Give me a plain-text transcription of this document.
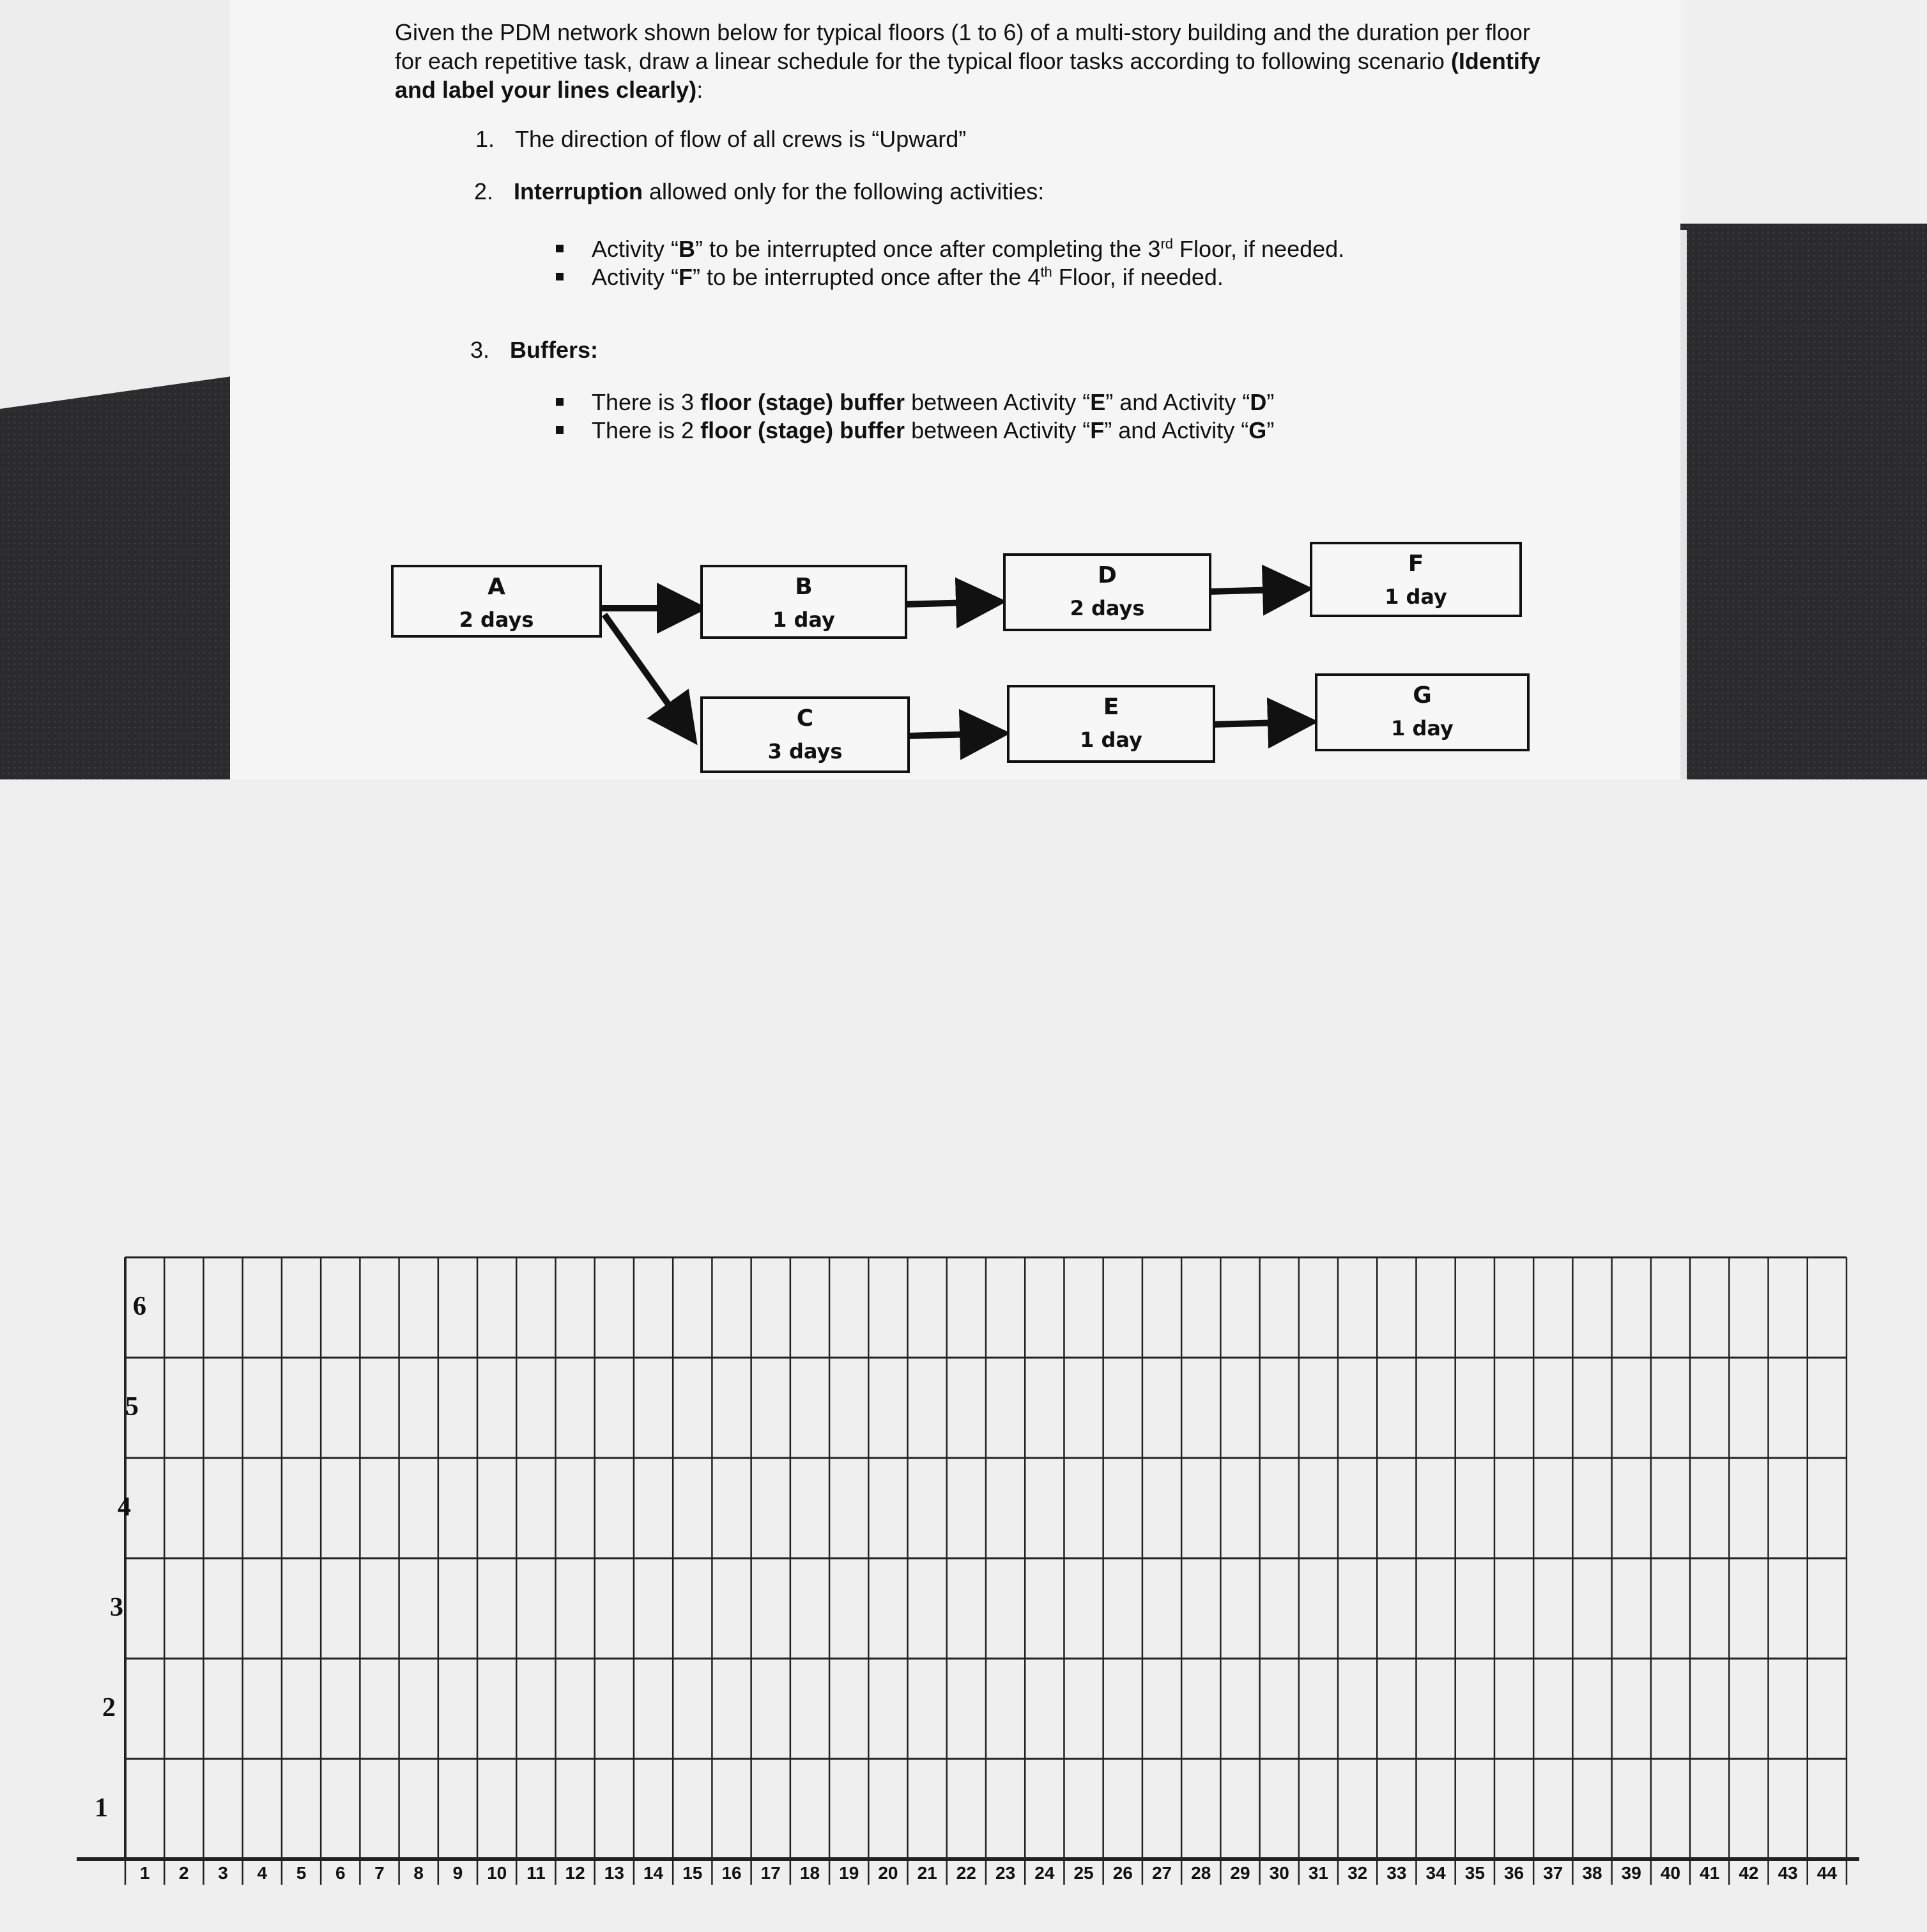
Given the PDM network shown below for typical floors (1 to 6) of a multi-story building and the duration per floor for each repetitive task, draw a linear schedule for the typical floor tasks according to following scenario (Identify and label your lines clearly):
1. The direction of flow of all crews is “Upward”
2. Interruption allowed only for the following activities:
Activity “B” to be interrupted once after completing the 3rd Floor, if needed.
Activity “F” to be interrupted once after the 4th Floor, if needed.
3. Buffers:
There is 3 floor (stage) buffer between Activity “E” and Activity “D”
There is 2 floor (stage) buffer between Activity “F” and Activity “G”
A
2 days
B
1 day
C
3 days
D
2 days
E
1 day
F
1 day
G
1 day
1
2
3
4
5
6
1	2	3	4	5	6	7	8	9	10	11	12	13	14	15	16	17	18	19	20	21	22	23	24	25	26	27	28	29	30	31	32	33	34	35	36	37	38	39	40	41	42	43	44
